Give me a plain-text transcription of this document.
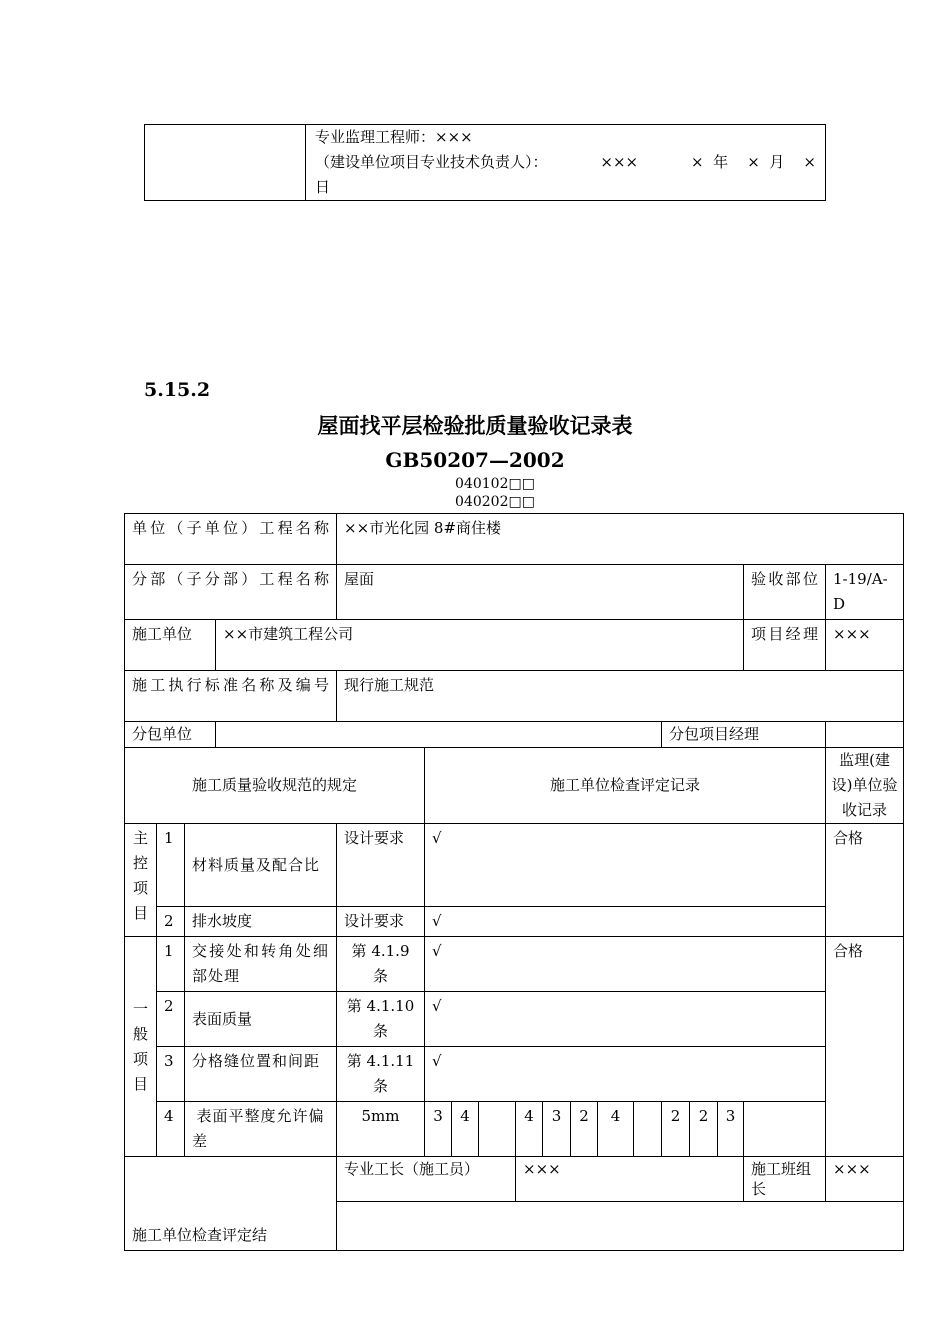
专业监理工程师：×××
（建设单位项目专业技术负责人）：	×××	×  年    ×  月    ×
日
5.15.2
屋面找平层检验批质量验收记录表
GB50207—2002
040102□□
040202□□
单位（子单位）工程名称				××市光化园 8#商住楼													
分部（子分部）工程名称				屋面												验收部位	1-19/A-D
施工单位			××市建筑工程公司													项目经理	×××
施工执行标准名称及编号				现行施工规范													
分包单位													分包项目经理				
施工质量验收规范的规定					施工单位检查评定记录												监理(建设)单位验收记录
主控项目	1	材料质量及配合比		设计要求	√												合格
	2	排水坡度		设计要求	√												
一般项目	1	交接处和转角处细部处理		第 4.1.9 条	√												合格
	2	表面质量		第 4.1.10 条	√												
	3	分格缝位置和间距		第 4.1.11 条	√												
	4	表面平整度允许偏差		5mm	3	4		4	3	2	4		2	2	3		
施工单位检查评定结				专业工长（施工员）				×××								施工班组长	×××
